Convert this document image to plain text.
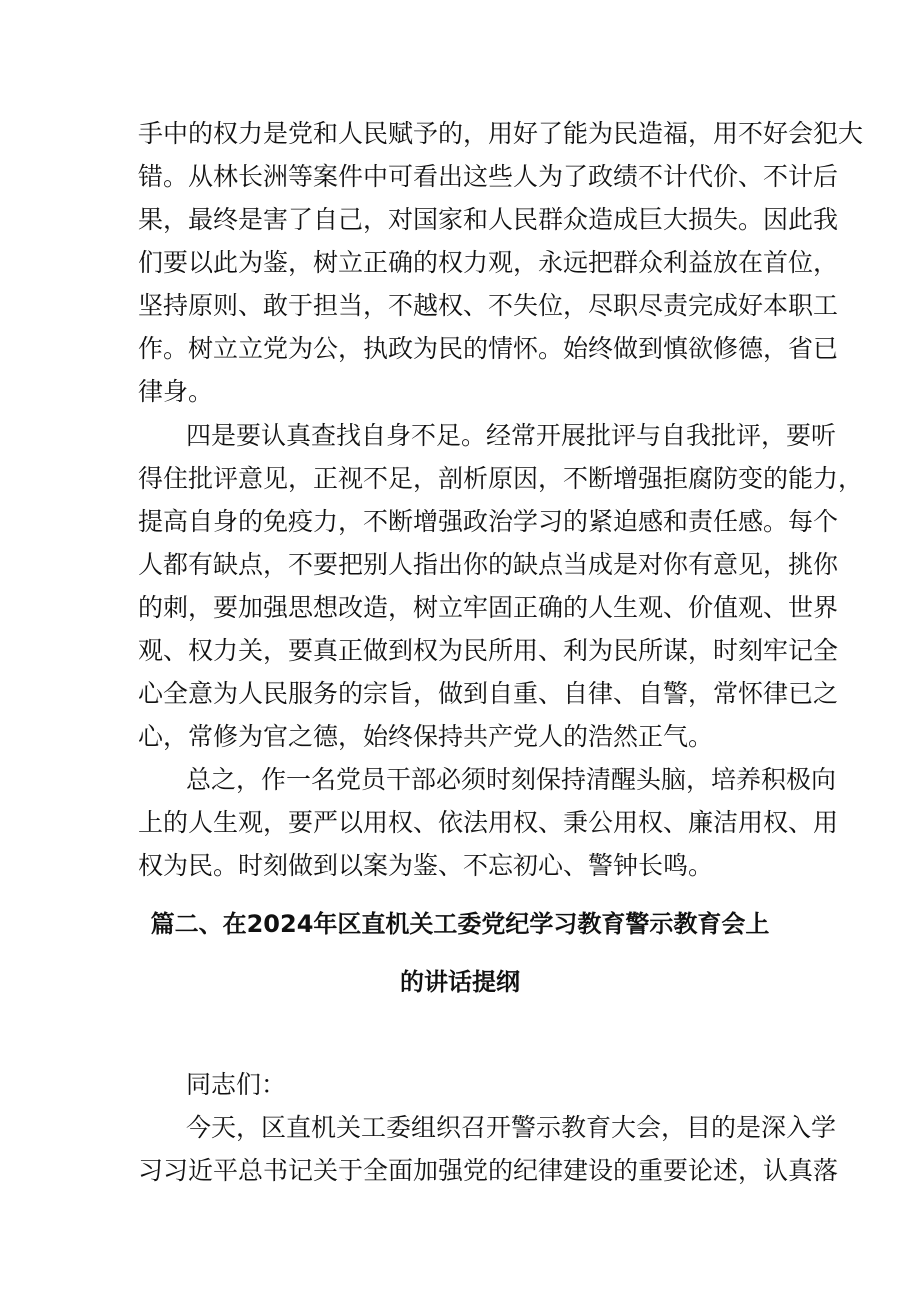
手中的权力是党和人民赋予的，用好了能为民造福，用不好会犯大
错。从林长洲等案件中可看出这些人为了政绩不计代价、不计后
果，最终是害了自己，对国家和人民群众造成巨大损失。因此我
们要以此为鉴，树立正确的权力观，永远把群众利益放在首位，
坚持原则、敢于担当，不越权、不失位，尽职尽责完成好本职工
作。树立立党为公，执政为民的情怀。始终做到慎欲修德，省已
律身。
四是要认真查找自身不足。经常开展批评与自我批评，要听
得住批评意见，正视不足，剖析原因，不断增强拒腐防变的能力，
提高自身的免疫力，不断增强政治学习的紧迫感和责任感。每个
人都有缺点，不要把别人指出你的缺点当成是对你有意见，挑你
的刺，要加强思想改造，树立牢固正确的人生观、价值观、世界
观、权力关，要真正做到权为民所用、利为民所谋，时刻牢记全
心全意为人民服务的宗旨，做到自重、自律、自警，常怀律已之
心，常修为官之德，始终保持共产党人的浩然正气。
总之，作一名党员干部必须时刻保持清醒头脑，培养积极向
上的人生观，要严以用权、依法用权、秉公用权、廉洁用权、用
权为民。时刻做到以案为鉴、不忘初心、警钟长鸣。
篇二、在2024年区直机关工委党纪学习教育警示教育会上
的讲话提纲
同志们：
今天，区直机关工委组织召开警示教育大会，目的是深入学
习习近平总书记关于全面加强党的纪律建设的重要论述，认真落
